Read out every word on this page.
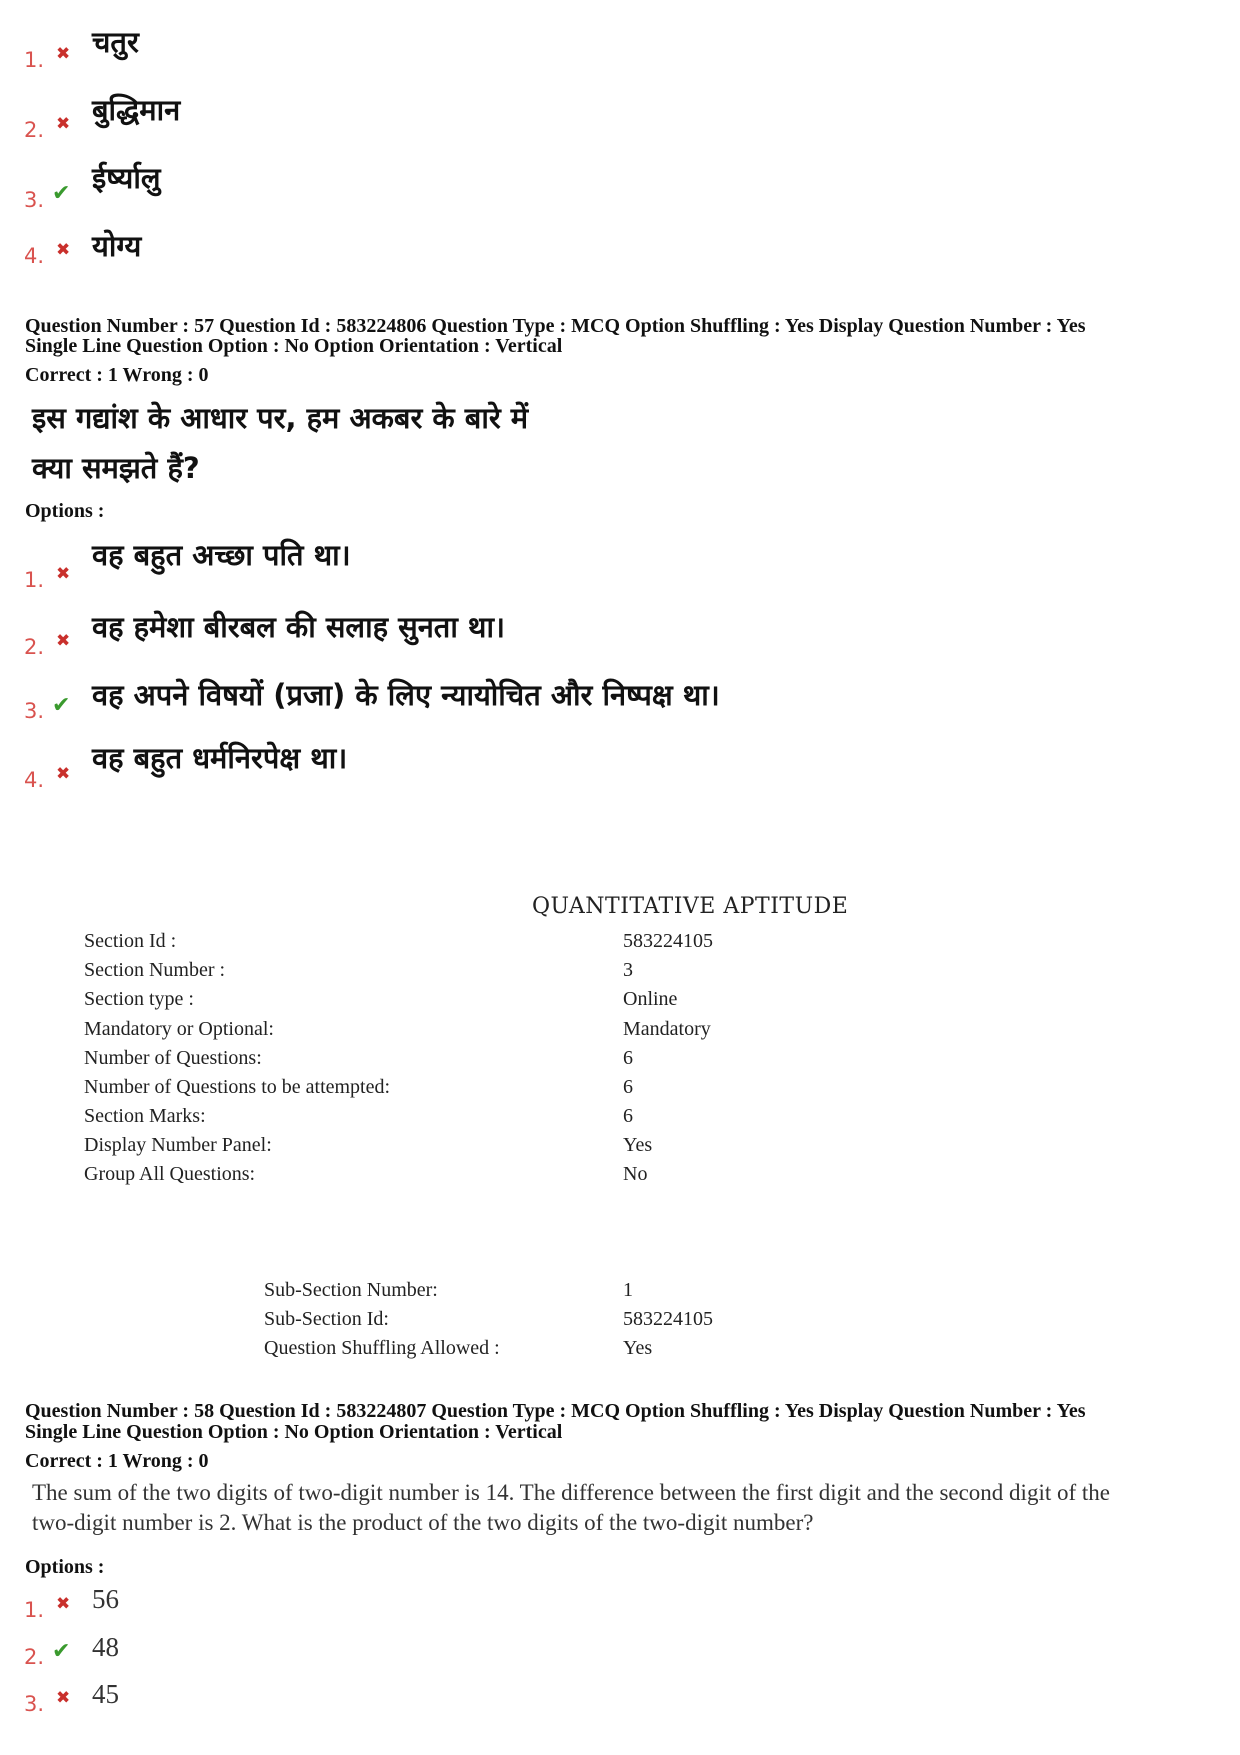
1. ✖ चतुर
2. ✖ बुद्धिमान
3. ✔ ईर्ष्यालु
4. ✖ योग्य
Question Number : 57 Question Id : 583224806 Question Type : MCQ Option Shuffling : Yes Display Question Number : Yes
Single Line Question Option : No Option Orientation : Vertical
Correct : 1 Wrong : 0
इस गद्यांश के आधार पर, हम अकबर के बारे में
क्या समझते हैं?
Options :
1. ✖
वह बहुत अच्छा पति था।
2. ✖ वह हमेशा बीरबल की सलाह सुनता था।
3. ✔ वह अपने विषयों (प्रजा) के लिए न्यायोचित और निष्पक्ष था।
4. ✖ वह बहुत धर्मनिरपेक्ष था।
QUANTITATIVE APTITUDE
Section Id :	583224105
Section Number :	3
Section type :	Online
Mandatory or Optional:	Mandatory
Number of Questions:	6
Number of Questions to be attempted:	6
Section Marks:	6
Display Number Panel:	Yes
Group All Questions:	No
Sub-Section Number:	1
Sub-Section Id:	583224105
Question Shuffling Allowed :	Yes
Question Number : 58 Question Id : 583224807 Question Type : MCQ Option Shuffling : Yes Display Question Number : Yes
Single Line Question Option : No Option Orientation : Vertical
Correct : 1 Wrong : 0
The sum of the two digits of two-digit number is 14. The difference between the first digit and the second digit of the
two-digit number is 2. What is the product of the two digits of the two-digit number?
Options :
1. ✖ 56
2. ✔ 48
3. ✖ 45
